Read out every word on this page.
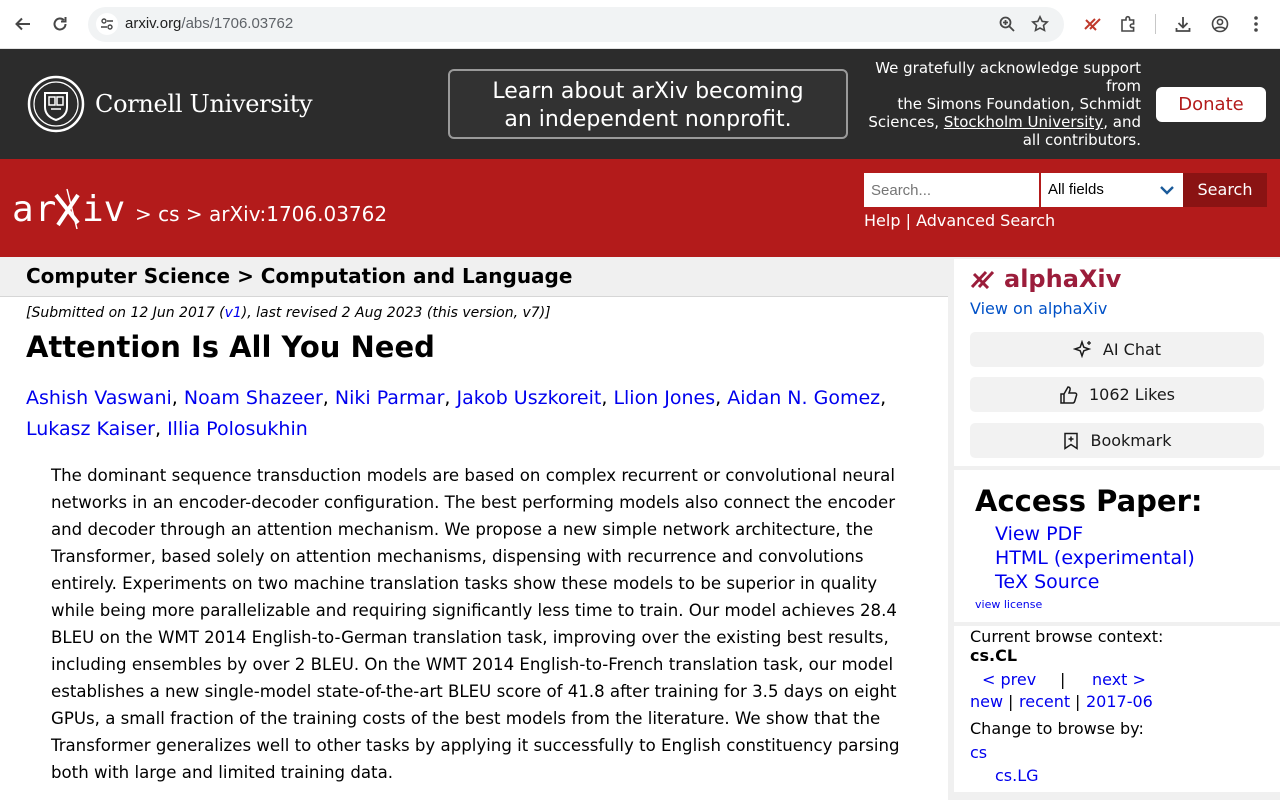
arxiv.org/abs/1706.03762
Cornell University	Learn about arXiv becoming
an independent nonprofit.
We gratefully acknowledge support
from
the Simons Foundation, Schmidt
Sciences, Stockholm University, and
all contributors.
Donate
ar iv > cs > arXiv:1706.03762
Search...
All fields	Search
Help | Advanced Search
Computer Science > Computation and Language
[Submitted on 12 Jun 2017 (v1), last revised 2 Aug 2023 (this version, v7)]
Attention Is All You Need
Ashish Vaswani, Noam Shazeer, Niki Parmar, Jakob Uszkoreit, Llion Jones, Aidan N. Gomez,
Lukasz Kaiser, Illia Polosukhin
The dominant sequence transduction models are based on complex recurrent or convolutional neural networks in an encoder-decoder configuration. The best performing models also connect the encoder and decoder through an attention mechanism. We propose a new simple network architecture, the Transformer, based solely on attention mechanisms, dispensing with recurrence and convolutions entirely. Experiments on two machine translation tasks show these models to be superior in quality while being more parallelizable and requiring significantly less time to train. Our model achieves 28.4 BLEU on the WMT 2014 English-to-German translation task, improving over the existing best results, including ensembles by over 2 BLEU. On the WMT 2014 English-to-French translation task, our model establishes a new single-model state-of-the-art BLEU score of 41.8 after training for 3.5 days on eight GPUs, a small fraction of the training costs of the best models from the literature. We show that the Transformer generalizes well to other tasks by applying it successfully to English constituency parsing both with large and limited training data.
alphaXiv
View on alphaXiv
AI Chat
1062 Likes
Bookmark
Access Paper:
View PDF
HTML (experimental)
TeX Source
view license
Current browse context:
cs.CL
< prev | next >
new | recent | 2017-06
Change to browse by:
cs
cs.LG
